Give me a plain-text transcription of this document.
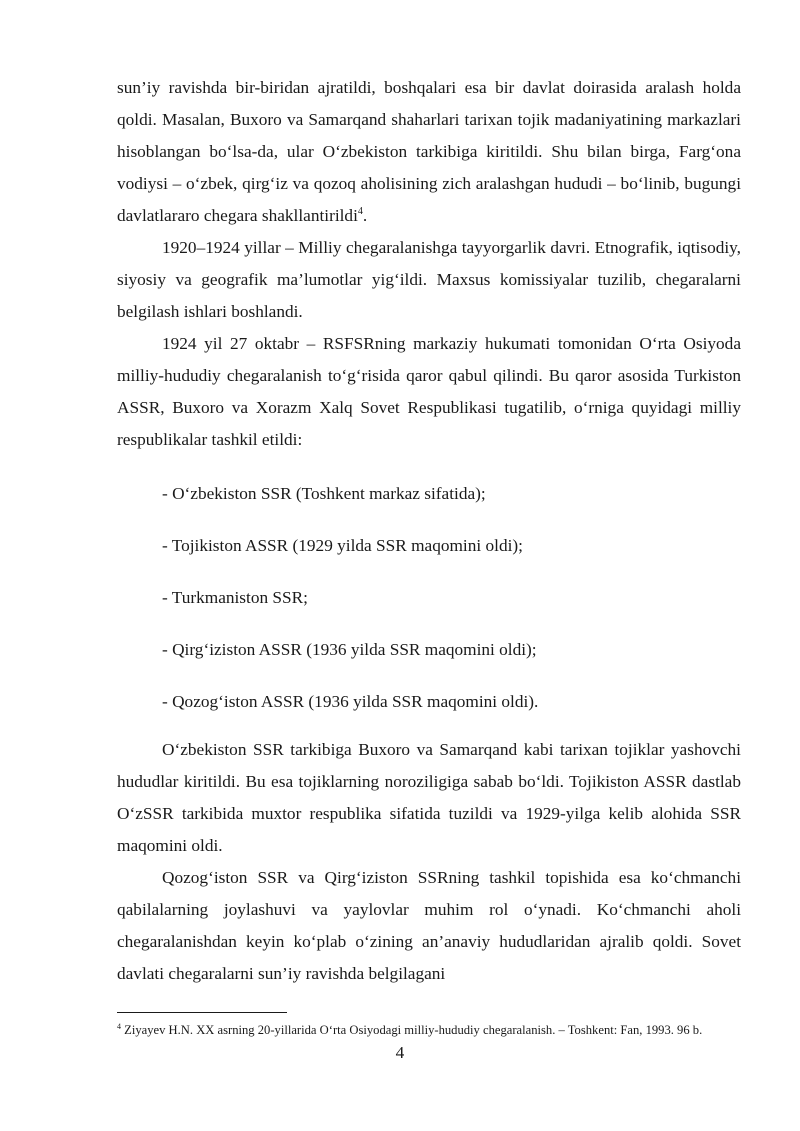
sun’iy ravishda bir-biridan ajratildi, boshqalari esa bir davlat doirasida aralash holda qoldi. Masalan, Buxoro va Samarqand shaharlari tarixan tojik madaniyatining markazlari hisoblangan bo‘lsa-da, ular O‘zbekiston tarkibiga kiritildi. Shu bilan birga, Farg‘ona vodiysi – o‘zbek, qirg‘iz va qozoq aholisining zich aralashgan hududi – bo‘linib, bugungi davlatlararo chegara shakllantirildi$^4$.

1920–1924 yillar – Milliy chegaralanishga tayyorgarlik davri. Etnografik, iqtisodiy, siyosiy va geografik ma’lumotlar yig‘ildi. Maxsus komissiyalar tuzilib, chegaralarni belgilash ishlari boshlandi.

1924 yil 27 oktabr – RSFSRning markaziy hukumati tomonidan O‘rta Osiyoda milliy-hududiy chegaralanish to‘g‘risida qaror qabul qilindi. Bu qaror asosida Turkiston ASSR, Buxoro va Xorazm Xalq Sovet Respublikasi tugatilib, o‘rniga quyidagi milliy respublikalar tashkil etildi:

- O‘zbekiston SSR (Toshkent markaz sifatida);

- Tojikiston ASSR (1929 yilda SSR maqomini oldi);

- Turkmaniston SSR;

- Qirg‘iziston ASSR (1936 yilda SSR maqomini oldi);

- Qozog‘iston ASSR (1936 yilda SSR maqomini oldi).

O‘zbekiston SSR tarkibiga Buxoro va Samarqand kabi tarixan tojiklar yashovchi hududlar kiritildi. Bu esa tojiklarning noroziligiga sabab bo‘ldi. Tojikiston ASSR dastlab O‘zSSR tarkibida muxtor respublika sifatida tuzildi va 1929-yilga kelib alohida SSR maqomini oldi.

Qozog‘iston SSR va Qirg‘iziston SSRning tashkil topishida esa ko‘chmanchi qabilalarning joylashuvi va yaylovlar muhim rol o‘ynadi. Ko‘chmanchi aholi chegaralanishdan keyin ko‘plab o‘zining an’anaviy hududlaridan ajralib qoldi. Sovet davlati chegaralarni sun’iy ravishda belgilagani

$^4$ Ziyayev H.N. XX asrning 20-yillarida O‘rta Osiyodagi milliy-hududiy chegaralanish. – Toshkent: Fan, 1993. 96 b.

4
